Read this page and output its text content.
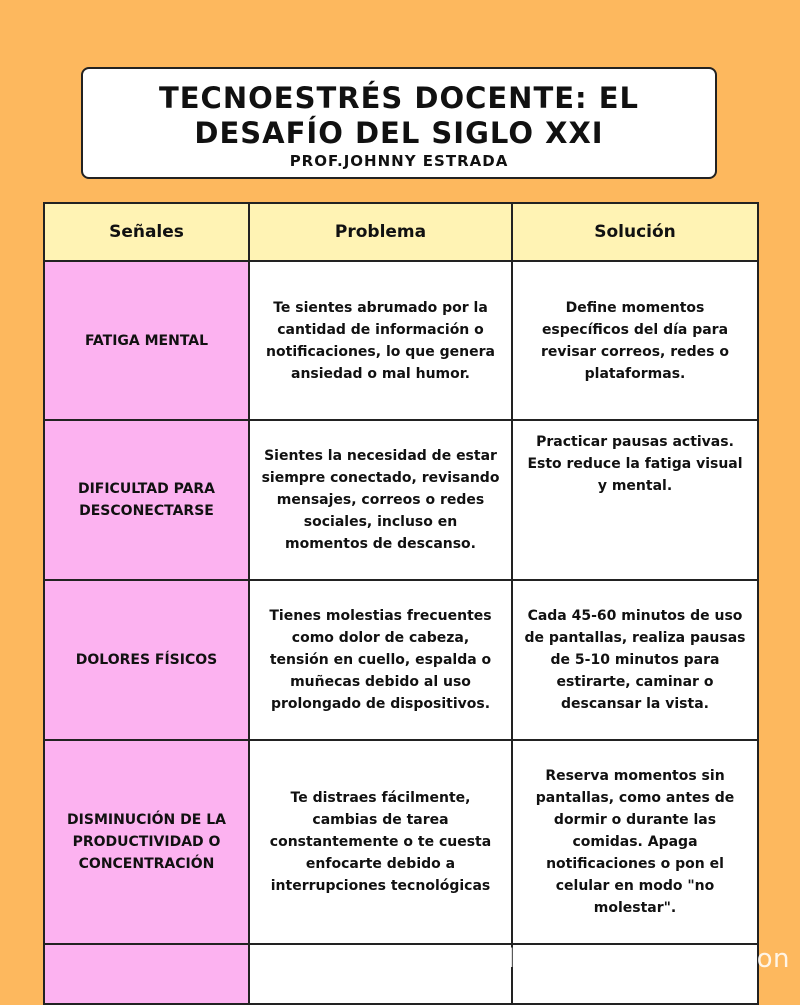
TECNOESTRÉS DOCENTE: EL
DESAFÍO DEL SIGLO XXI
PROF.JOHNNY ESTRADA
Señales	Problema	Solución
FATIGA MENTAL	Te sientes abrumado por la cantidad de información o notificaciones, lo que genera ansiedad o mal humor.	Define momentos específicos del día para revisar correos, redes o plataformas.
DIFICULTAD PARA DESCONECTARSE	Sientes la necesidad de estar siempre conectado, revisando mensajes, correos o redes sociales, incluso en momentos de descanso.	Practicar pausas activas. Esto reduce la fatiga visual y mental.
DOLORES FÍSICOS	Tienes molestias frecuentes como dolor de cabeza, tensión en cuello, espalda o muñecas debido al uso prolongado de dispositivos.	Cada 45-60 minutos de uso de pantallas, realiza pausas de 5-10 minutos para estirarte, caminar o descansar la vista.
DISMINUCIÓN DE LA PRODUCTIVIDAD O CONCENTRACIÓN	Te distraes fácilmente, cambias de tarea constantemente o te cuesta enfocarte debido a interrupciones tecnológicas	Reserva momentos sin pantallas, como antes de dormir o durante las comidas. Apaga notificaciones o pon el celular en modo "no molestar".

rtMedia Watermark Addon
